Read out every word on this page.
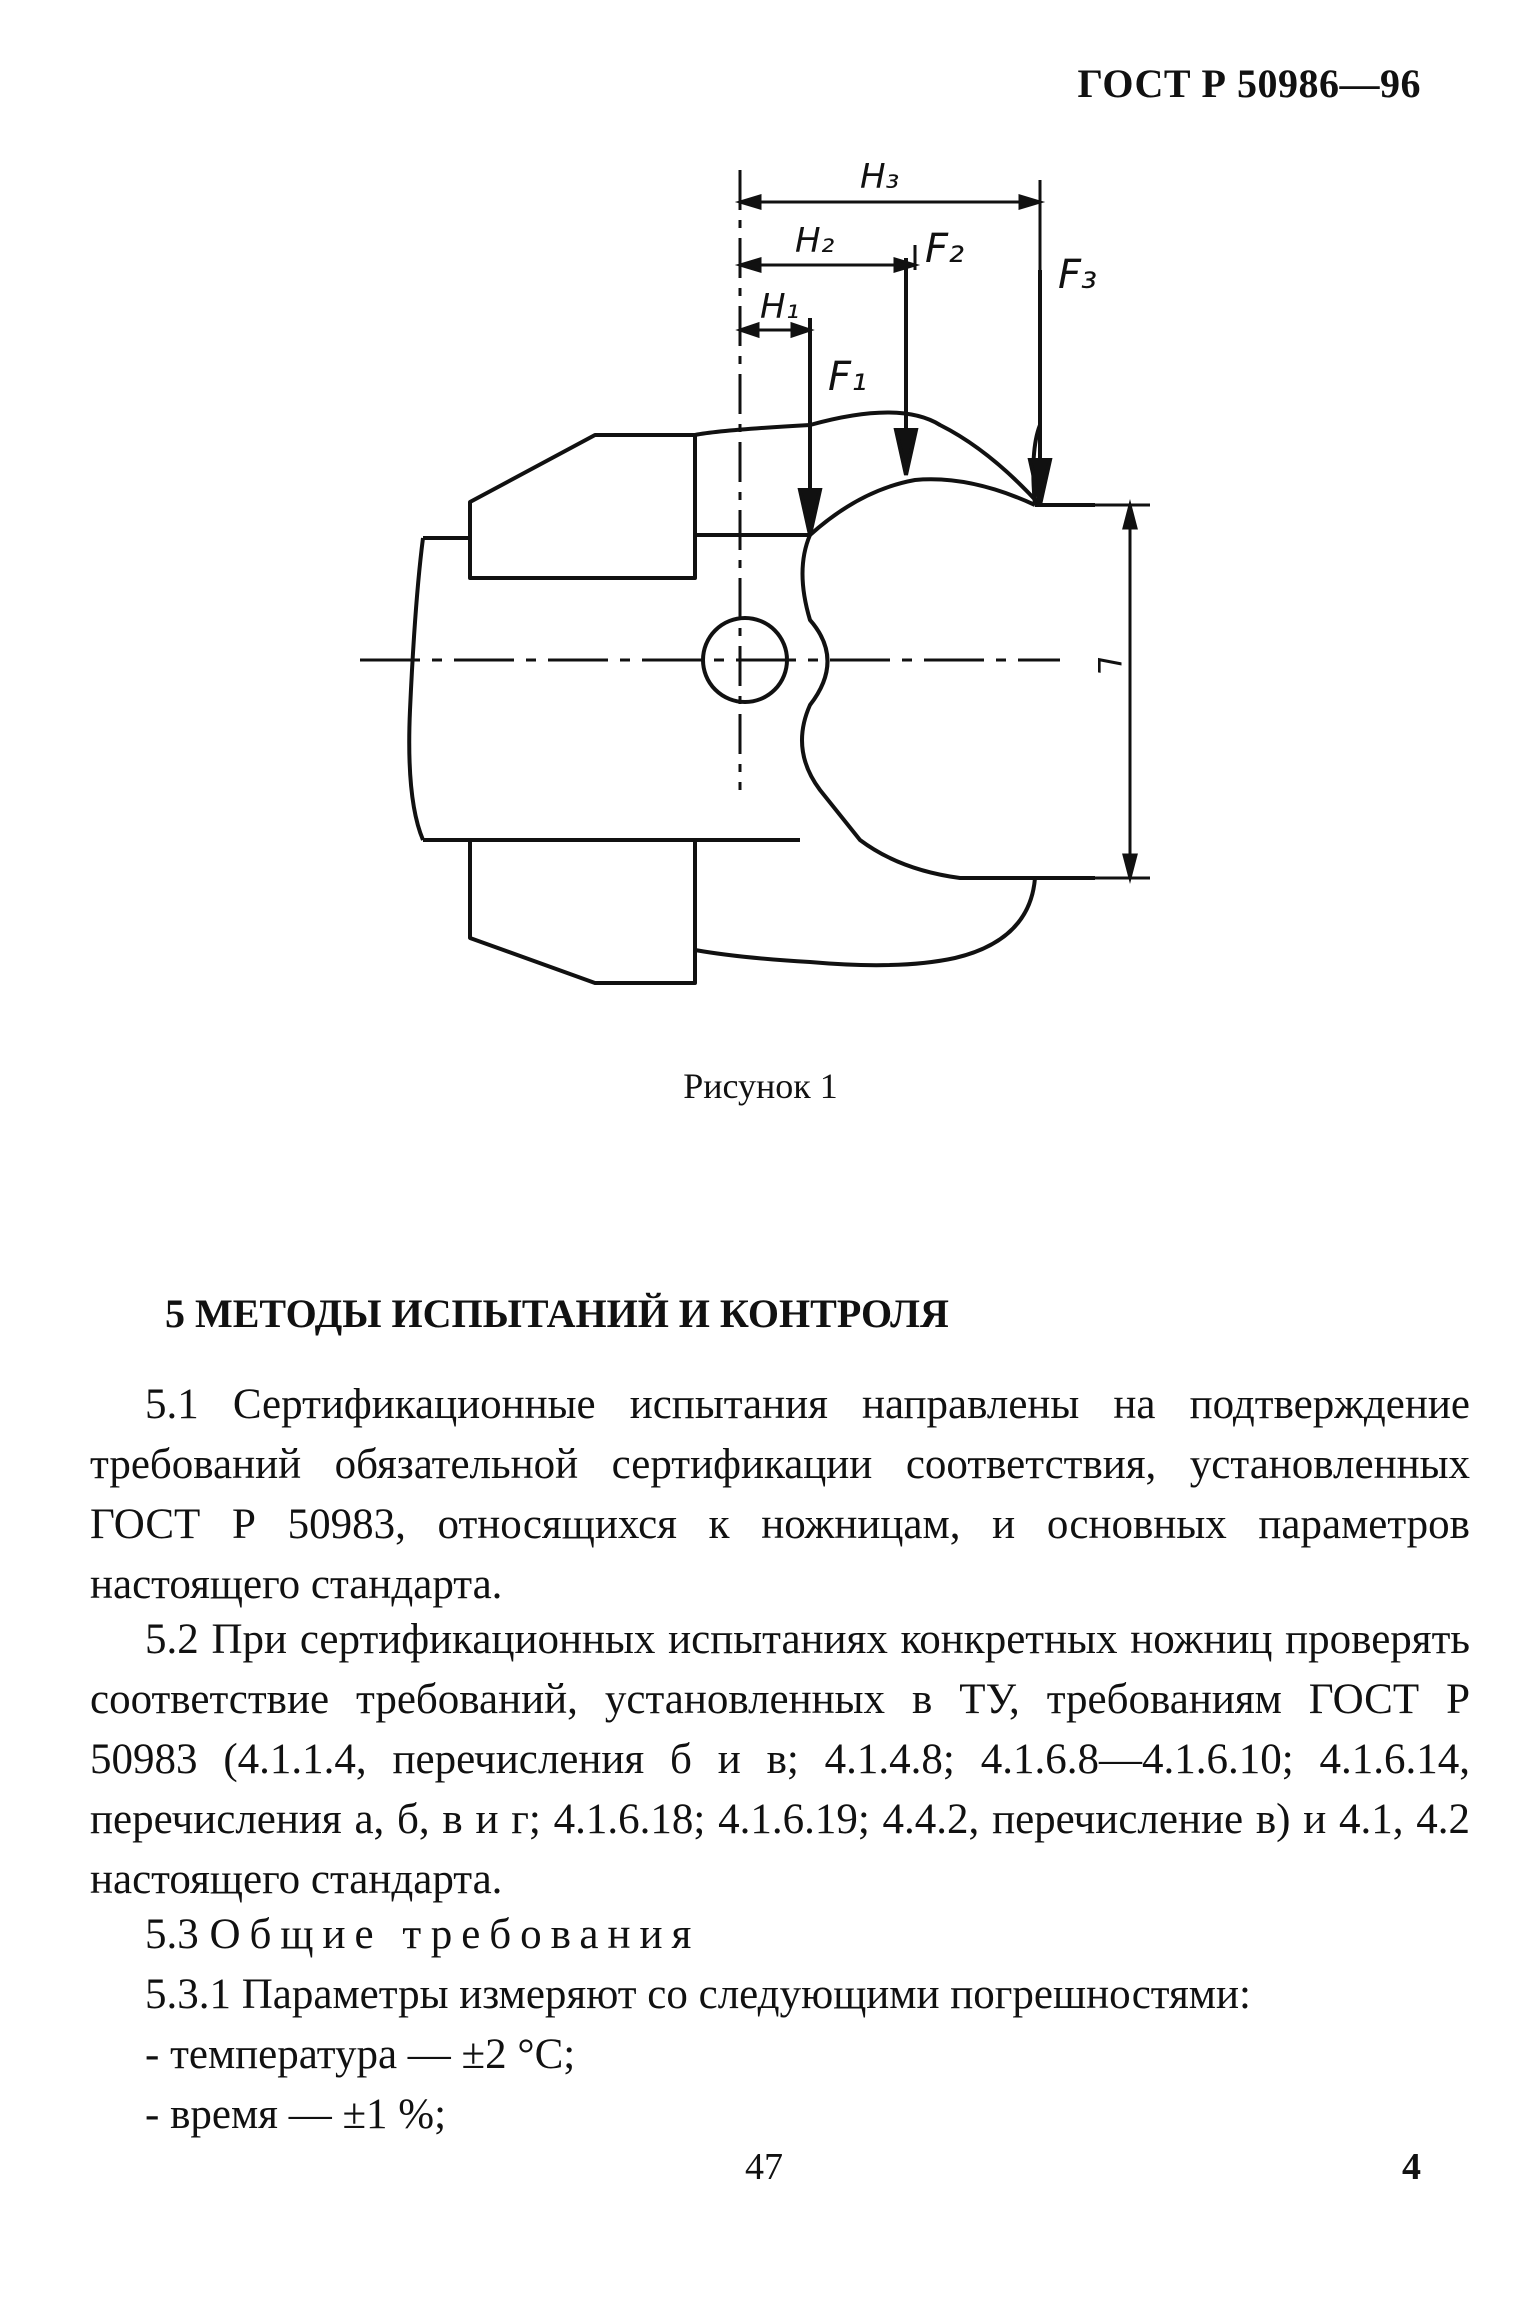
ГОСТ Р 50986—96
H₃
H₂
H₁
F₂
F₃
F₁
L
Рисунок 1
5 МЕТОДЫ ИСПЫТАНИЙ И КОНТРОЛЯ
5.1 Сертификационные испытания направлены на подтверждение требований обязательной сертификации соответствия, установленных ГОСТ Р 50983, относящихся к ножницам, и основных параметров настоящего стандарта.
5.2 При сертификационных испытаниях конкретных ножниц проверять соответствие требований, установленных в ТУ, требованиям ГОСТ Р 50983 (4.1.1.4, перечисления б и в; 4.1.4.8; 4.1.6.8—4.1.6.10; 4.1.6.14, перечисления а, б, в и г; 4.1.6.18; 4.1.6.19; 4.4.2, перечисление в) и 4.1, 4.2 настоящего стандарта.
5.3 Общие требования
5.3.1 Параметры измеряют со следующими погрешностями:
- температура — ±2 °С;
- время — ±1 %;
47	4
